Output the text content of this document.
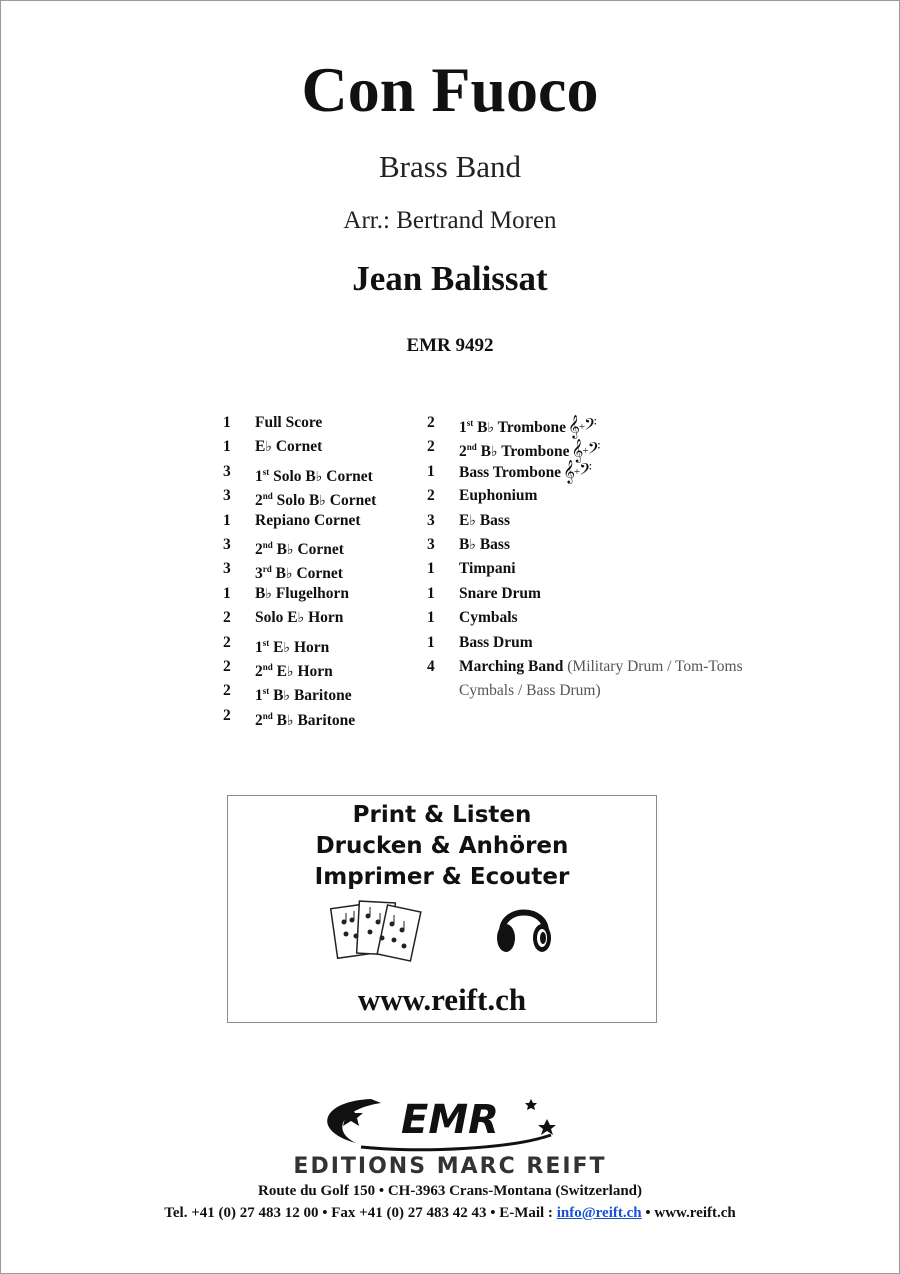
Con Fuoco
Brass Band
Arr.: Bertrand Moren
Jean Balissat
EMR 9492
1	Full Score
1	E♭ Cornet
3	1st Solo B♭ Cornet
3	2nd Solo B♭ Cornet
1	Repiano Cornet
3	2nd B♭ Cornet
3	3rd B♭ Cornet
1	B♭ Flugelhorn
2	Solo E♭ Horn
2	1st E♭ Horn
2	2nd E♭ Horn
2	1st B♭ Baritone
2	2nd B♭ Baritone
2	1st B♭ Trombone 𝄞+𝄢
2	2nd B♭ Trombone 𝄞+𝄢
1	Bass Trombone 𝄞+𝄢
2	Euphonium
3	E♭ Bass
3	B♭ Bass
1	Timpani
1	Snare Drum
1	Cymbals
1	Bass Drum
4	Marching Band (Military Drum / Tom-Toms
Cymbals / Bass Drum)
Print & Listen
Drucken & Anhören
Imprimer & Ecouter
www.reift.ch
EMR
EDITIONS MARC REIFT
Route du Golf 150 • CH-3963 Crans-Montana (Switzerland)
Tel. +41 (0) 27 483 12 00 • Fax +41 (0) 27 483 42 43 • E-Mail : info@reift.ch • www.reift.ch
